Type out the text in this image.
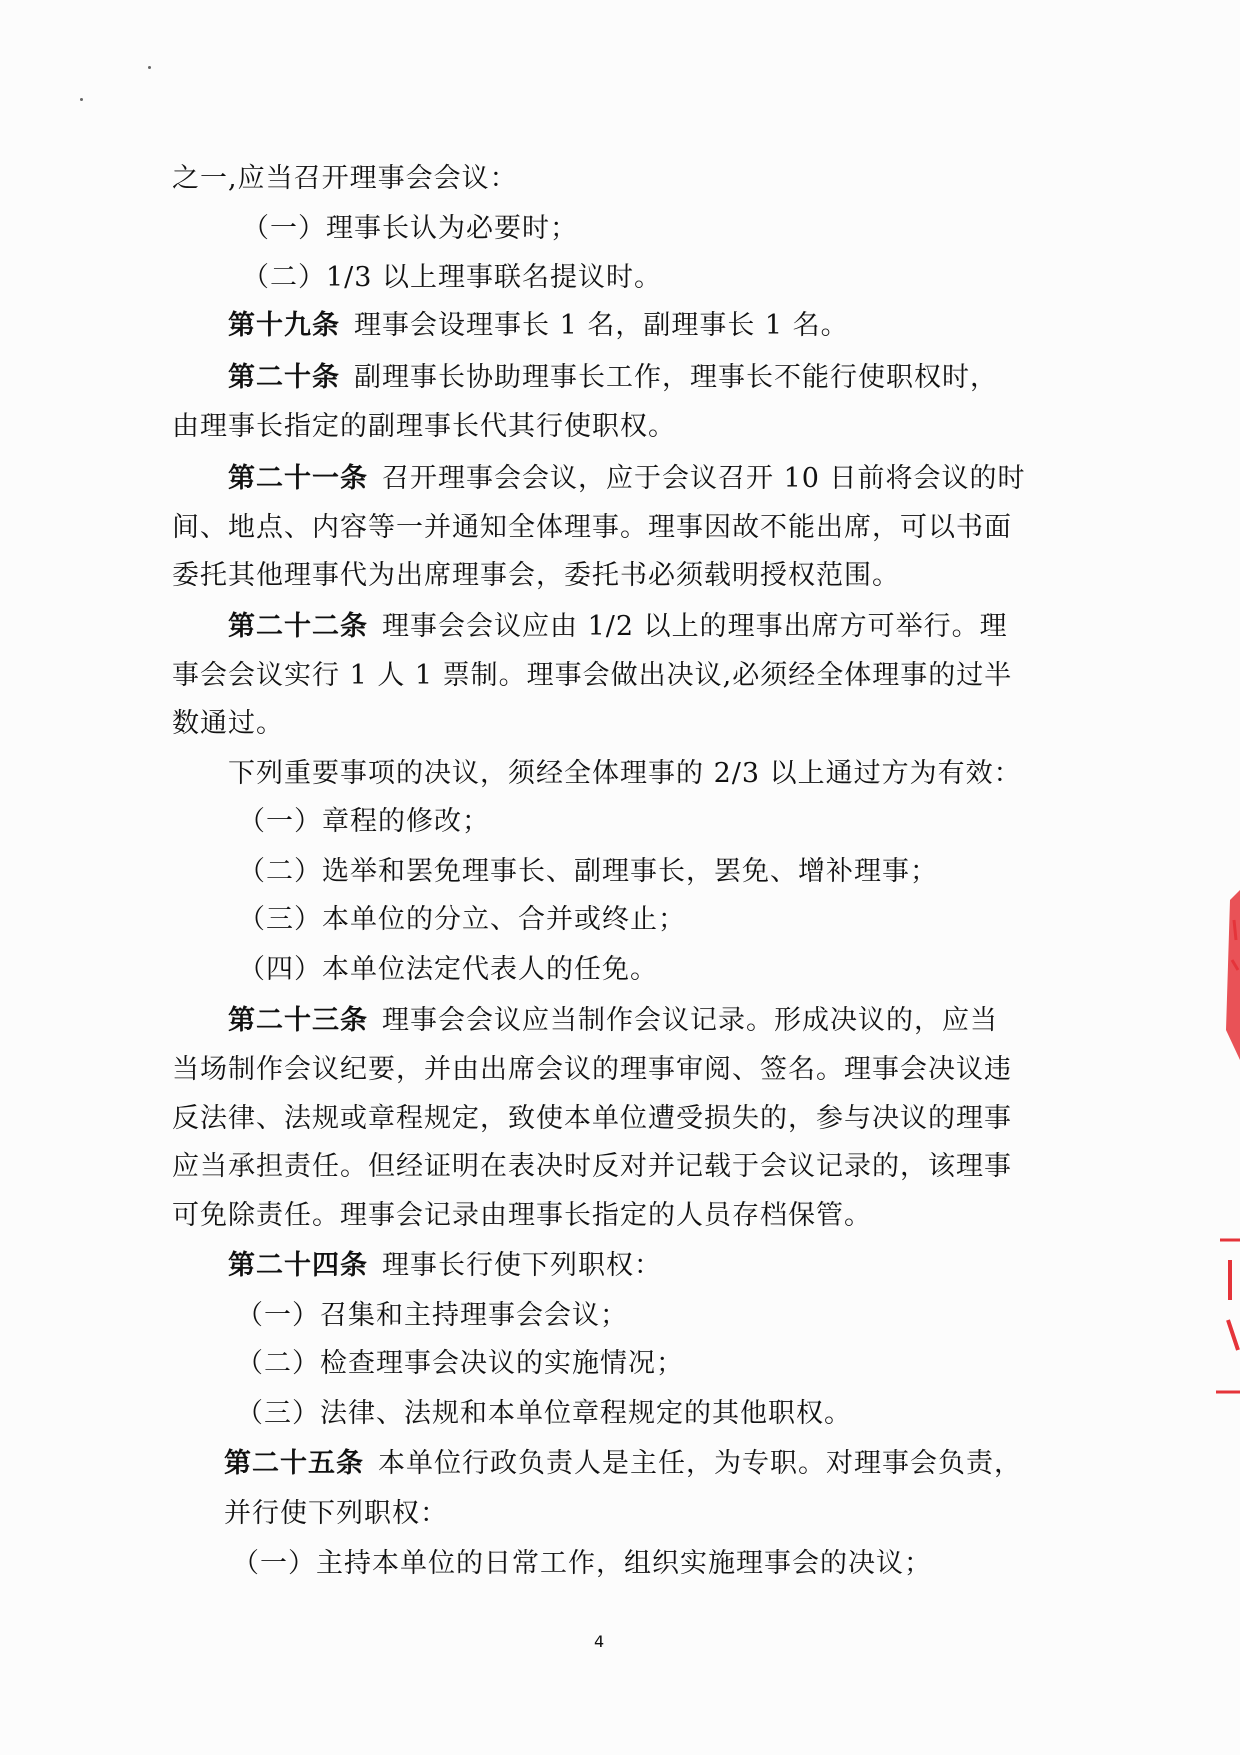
之一,应当召开理事会会议：
（一）理事长认为必要时；
（二）1/3 以上理事联名提议时。
第十九条 理事会设理事长 1 名，副理事长 1 名。
第二十条 副理事长协助理事长工作，理事长不能行使职权时，
由理事长指定的副理事长代其行使职权。
第二十一条 召开理事会会议，应于会议召开 10 日前将会议的时
间、地点、内容等一并通知全体理事。理事因故不能出席，可以书面
委托其他理事代为出席理事会，委托书必须载明授权范围。
第二十二条 理事会会议应由 1/2 以上的理事出席方可举行。理
事会会议实行 1 人 1 票制。理事会做出决议,必须经全体理事的过半
数通过。
下列重要事项的决议，须经全体理事的 2/3 以上通过方为有效：
（一）章程的修改；
（二）选举和罢免理事长、副理事长，罢免、增补理事；
（三）本单位的分立、合并或终止；
（四）本单位法定代表人的任免。
第二十三条 理事会会议应当制作会议记录。形成决议的，应当
当场制作会议纪要，并由出席会议的理事审阅、签名。理事会决议违
反法律、法规或章程规定，致使本单位遭受损失的，参与决议的理事
应当承担责任。但经证明在表决时反对并记载于会议记录的，该理事
可免除责任。理事会记录由理事长指定的人员存档保管。
第二十四条 理事长行使下列职权：
（一）召集和主持理事会会议；
（二）检查理事会决议的实施情况；
（三）法律、法规和本单位章程规定的其他职权。
第二十五条 本单位行政负责人是主任，为专职。对理事会负责，
并行使下列职权：
（一）主持本单位的日常工作，组织实施理事会的决议；
4
